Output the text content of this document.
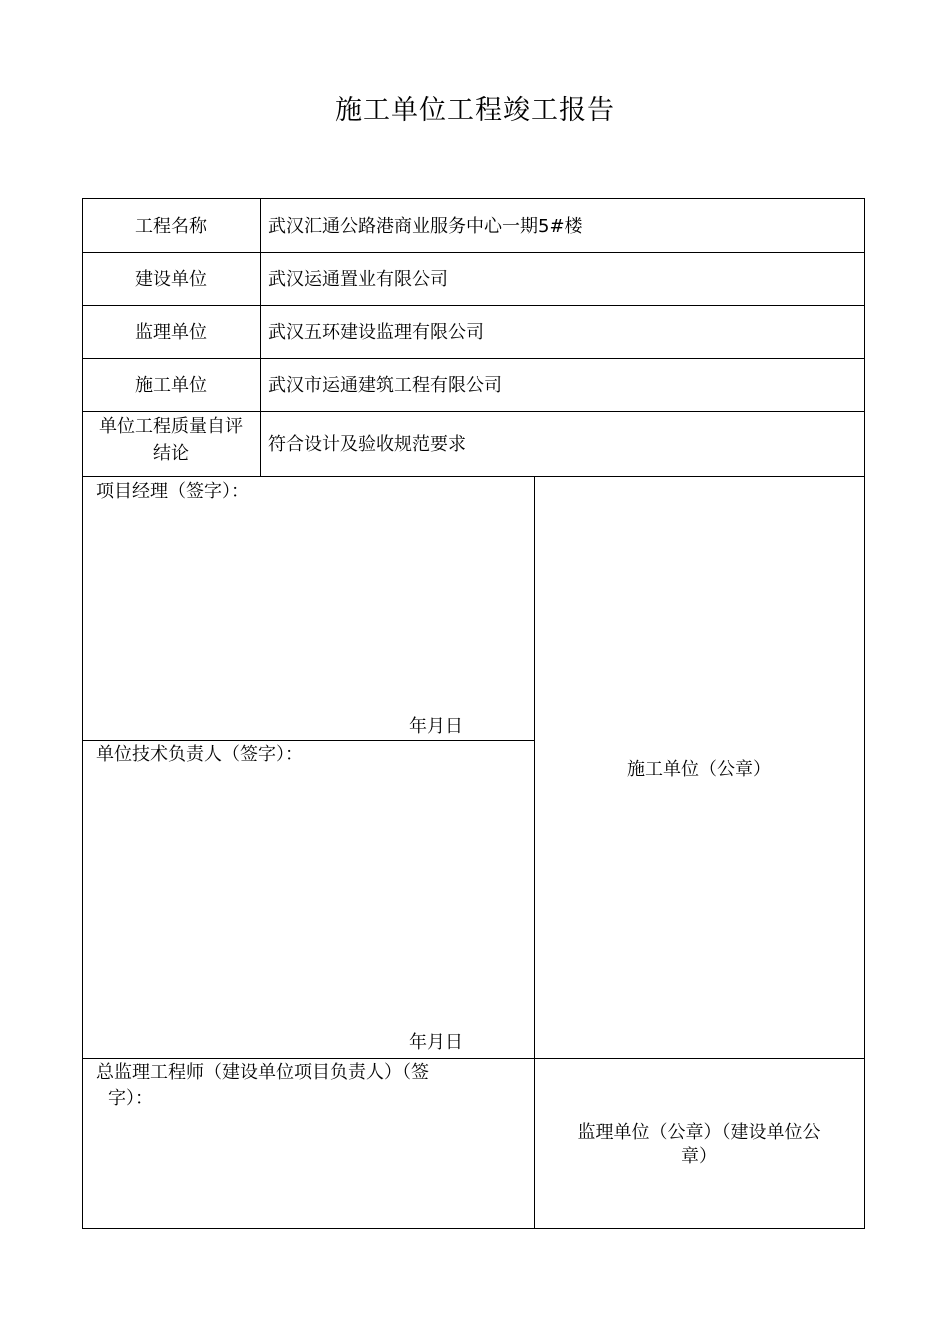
施工单位工程竣工报告
工程名称	武汉汇通公路港商业服务中心一期5#楼
建设单位	武汉运通置业有限公司
监理单位	武汉五环建设监理有限公司
施工单位	武汉市运通建筑工程有限公司
单位工程质量自评
结论	符合设计及验收规范要求
项目经理（签字）：
年月日
单位技术负责人（签字）：
年月日
总监理工程师（建设单位项目负责人）（签
字）：
施工单位（公章）
监理单位（公章）（建设单位公
章）
